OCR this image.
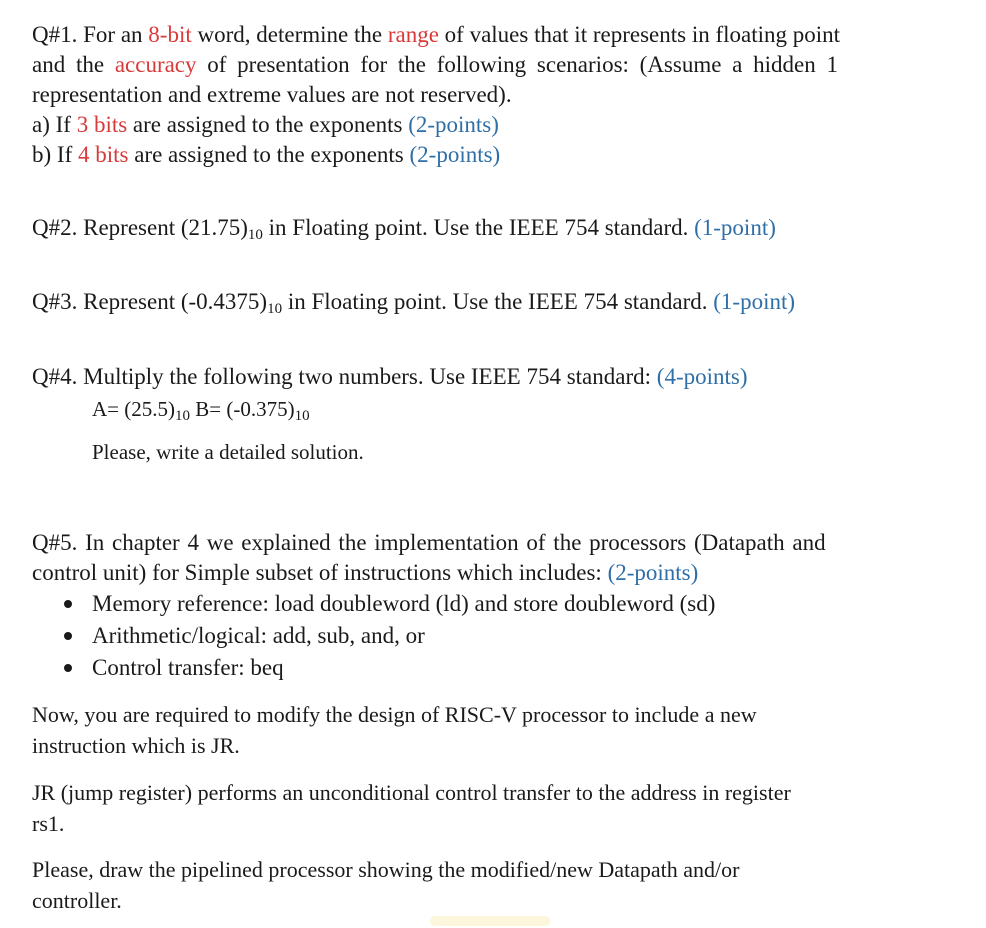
Q#1. For an 8-bit word, determine the range of values that it represents in floating point
and the accuracy of presentation for the following scenarios: (Assume a hidden 1
representation and extreme values are not reserved).
a) If 3 bits are assigned to the exponents (2-points)
b) If 4 bits are assigned to the exponents (2-points)
Q#2. Represent $(21.75)_{10}$ in Floating point. Use the IEEE 754 standard. (1-point)
Q#3. Represent $(-0.4375)_{10}$ in Floating point. Use the IEEE 754 standard. (1-point)
Q#4. Multiply the following two numbers. Use IEEE 754 standard: (4-points)
$A= (25.5)_{10}$ $B= (-0.375)_{10}$
Please, write a detailed solution.
Q#5. In chapter 4 we explained the implementation of the processors (Datapath and
control unit) for Simple subset of instructions which includes: (2-points)
Memory reference: load doubleword (ld) and store doubleword (sd)
Arithmetic/logical: add, sub, and, or
Control transfer: beq
Now, you are required to modify the design of RISC-V processor to include a new
instruction which is JR.
JR (jump register) performs an unconditional control transfer to the address in register
rs1.
Please, draw the pipelined processor showing the modified/new Datapath and/or
controller.
